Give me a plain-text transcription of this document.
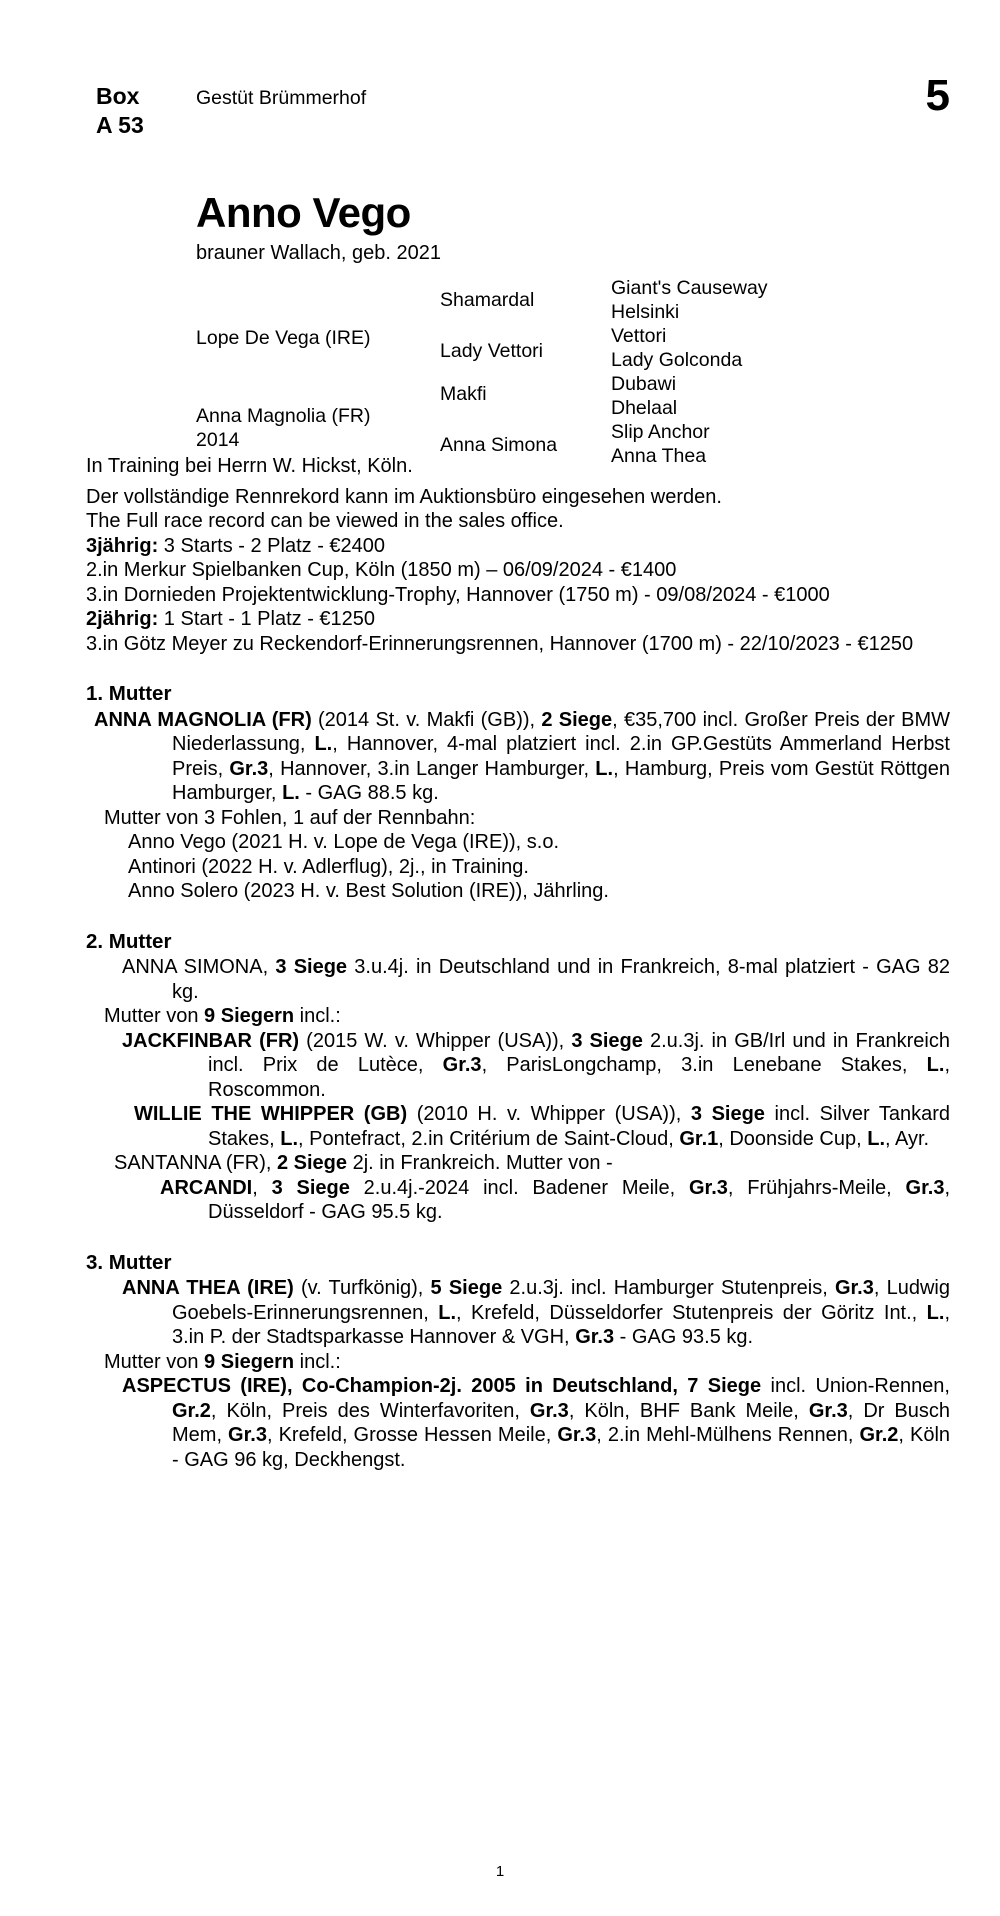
Box
A 53
Gestüt Brümmerhof	5
Anno Vego
brauner Wallach, geb. 2021
Lope De Vega (IRE)
Anna Magnolia (FR)
2014
Shamardal
Lady Vettori
Makfi
Anna Simona
Giant's Causeway
Helsinki
Vettori
Lady Golconda
Dubawi
Dhelaal
Slip Anchor
Anna Thea
In Training bei Herrn W. Hickst, Köln.

Der vollständige Rennrekord kann im Auktionsbüro eingesehen werden.

The Full race record can be viewed in the sales office.

3jährig: 3 Starts - 2 Platz - €2400

2.in Merkur Spielbanken Cup, Köln (1850 m) – 06/09/2024 - €1400

3.in Dornieden Projektentwicklung-Trophy, Hannover (1750 m) - 09/08/2024 - €1000

2jährig: 1 Start - 1 Platz - €1250

3.in Götz Meyer zu Reckendorf-Erinnerungsrennen, Hannover (1700 m) - 22/10/2023 - €1250

1. Mutter

ANNA MAGNOLIA (FR) (2014 St. v. Makfi (GB)), 2 Siege, €35,700 incl. Großer Preis der BMW Niederlassung, L., Hannover, 4-mal platziert incl. 2.in GP.Gestüts Ammerland Herbst Preis, Gr.3, Hannover, 3.in Langer Hamburger, L., Hamburg, Preis vom Gestüt Röttgen Hamburger, L. - GAG 88.5 kg.

Mutter von 3 Fohlen, 1 auf der Rennbahn:

Anno Vego (2021 H. v. Lope de Vega (IRE)), s.o.

Antinori (2022 H. v. Adlerflug), 2j., in Training.

Anno Solero (2023 H. v. Best Solution (IRE)), Jährling.

2. Mutter

ANNA SIMONA, 3 Siege 3.u.4j. in Deutschland und in Frankreich, 8-mal platziert - GAG 82 kg.

Mutter von 9 Siegern incl.:

JACKFINBAR (FR) (2015 W. v. Whipper (USA)), 3 Siege 2.u.3j. in GB/Irl und in Frankreich incl. Prix de Lutèce, Gr.3, ParisLongchamp, 3.in Lenebane Stakes, L., Roscommon.

WILLIE THE WHIPPER (GB) (2010 H. v. Whipper (USA)), 3 Siege incl. Silver Tankard Stakes, L., Pontefract, 2.in Critérium de Saint-Cloud, Gr.1, Doonside Cup, L., Ayr.

SANTANNA (FR), 2 Siege 2j. in Frankreich. Mutter von -

ARCANDI, 3 Siege 2.u.4j.-2024 incl. Badener Meile, Gr.3, Frühjahrs-Meile, Gr.3, Düsseldorf - GAG 95.5 kg.

3. Mutter

ANNA THEA (IRE) (v. Turfkönig), 5 Siege 2.u.3j. incl. Hamburger Stutenpreis, Gr.3, Ludwig Goebels-Erinnerungsrennen, L., Krefeld, Düsseldorfer Stutenpreis der Göritz Int., L., 3.in P. der Stadtsparkasse Hannover & VGH, Gr.3 - GAG 93.5 kg.

Mutter von 9 Siegern incl.:

ASPECTUS (IRE), Co-Champion-2j. 2005 in Deutschland, 7 Siege incl. Union-Rennen, Gr.2, Köln, Preis des Winterfavoriten, Gr.3, Köln, BHF Bank Meile, Gr.3, Dr Busch Mem, Gr.3, Krefeld, Grosse Hessen Meile, Gr.3, 2.in Mehl-Mülhens Rennen, Gr.2, Köln - GAG 96 kg, Deckhengst.

1
